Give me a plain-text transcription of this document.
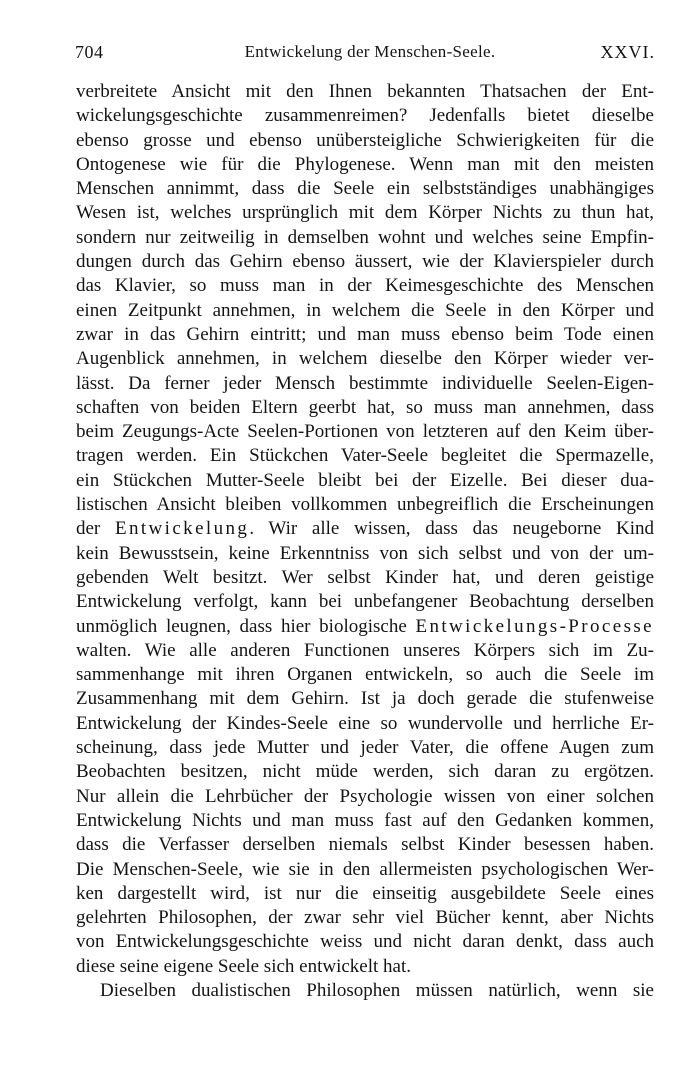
704	Entwickelung der Menschen-Seele.	XXVI.
verbreitete Ansicht mit den Ihnen bekannten Thatsachen der Ent-
wickelungsgeschichte zusammenreimen? Jedenfalls bietet dieselbe
ebenso grosse und ebenso unübersteigliche Schwierigkeiten für die
Ontogenese wie für die Phylogenese. Wenn man mit den meisten
Menschen annimmt, dass die Seele ein selbstständiges unabhängiges
Wesen ist, welches ursprünglich mit dem Körper Nichts zu thun hat,
sondern nur zeitweilig in demselben wohnt und welches seine Empfin-
dungen durch das Gehirn ebenso äussert, wie der Klavierspieler durch
das Klavier, so muss man in der Keimesgeschichte des Menschen
einen Zeitpunkt annehmen, in welchem die Seele in den Körper und
zwar in das Gehirn eintritt; und man muss ebenso beim Tode einen
Augenblick annehmen, in welchem dieselbe den Körper wieder ver-
lässt. Da ferner jeder Mensch bestimmte individuelle Seelen-Eigen-
schaften von beiden Eltern geerbt hat, so muss man annehmen, dass
beim Zeugungs-Acte Seelen-Portionen von letzteren auf den Keim über-
tragen werden. Ein Stückchen Vater-Seele begleitet die Spermazelle,
ein Stückchen Mutter-Seele bleibt bei der Eizelle. Bei dieser dua-
listischen Ansicht bleiben vollkommen unbegreiflich die Erscheinungen
der Entwickelung. Wir alle wissen, dass das neugeborne Kind
kein Bewusstsein, keine Erkenntniss von sich selbst und von der um-
gebenden Welt besitzt. Wer selbst Kinder hat, und deren geistige
Entwickelung verfolgt, kann bei unbefangener Beobachtung derselben
unmöglich leugnen, dass hier biologische Entwickelungs-Processe
walten. Wie alle anderen Functionen unseres Körpers sich im Zu-
sammenhange mit ihren Organen entwickeln, so auch die Seele im
Zusammenhang mit dem Gehirn. Ist ja doch gerade die stufenweise
Entwickelung der Kindes-Seele eine so wundervolle und herrliche Er-
scheinung, dass jede Mutter und jeder Vater, die offene Augen zum
Beobachten besitzen, nicht müde werden, sich daran zu ergötzen.
Nur allein die Lehrbücher der Psychologie wissen von einer solchen
Entwickelung Nichts und man muss fast auf den Gedanken kommen,
dass die Verfasser derselben niemals selbst Kinder besessen haben.
Die Menschen-Seele, wie sie in den allermeisten psychologischen Wer-
ken dargestellt wird, ist nur die einseitig ausgebildete Seele eines
gelehrten Philosophen, der zwar sehr viel Bücher kennt, aber Nichts
von Entwickelungsgeschichte weiss und nicht daran denkt, dass auch
diese seine eigene Seele sich entwickelt hat.
Dieselben dualistischen Philosophen müssen natürlich, wenn sie
